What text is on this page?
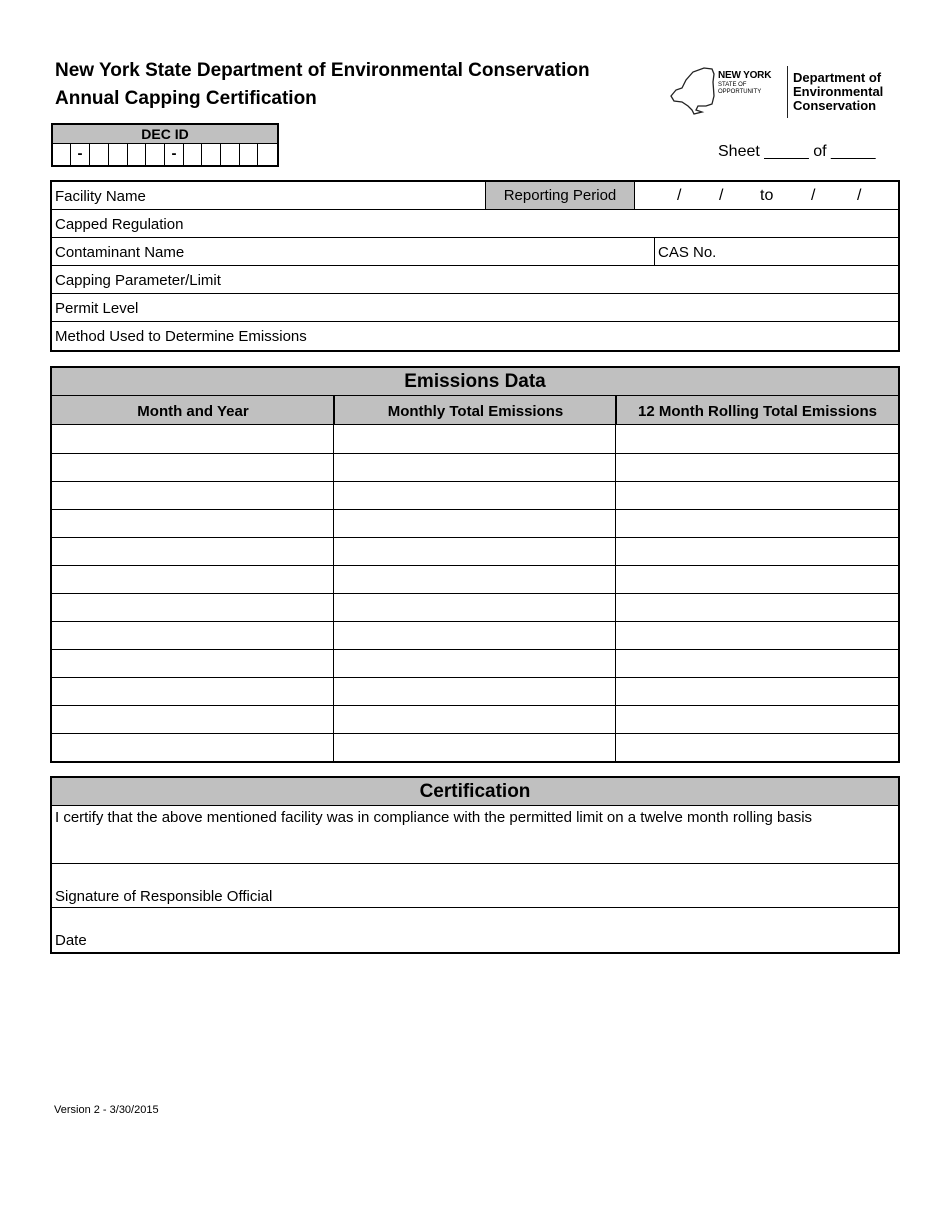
New York State Department of Environmental Conservation
Annual Capping Certification
NEW YORK
STATE OF
OPPORTUNITY
Department of
Environmental
Conservation
DEC ID
-	-	Sheet _____ of _____
Facility Name	Reporting Period	/ / to /	/
Capped Regulation
Contaminant Name	CAS No.
Capping Parameter/Limit
Permit Level
Method Used to Determine Emissions
Emissions Data
Month and Year	Monthly Total Emissions	12 Month Rolling Total Emissions
Certification
I certify that the above mentioned facility was in compliance with the permitted limit on a twelve month rolling basis
Signature of Responsible Official
Date
Version 2 - 3/30/2015
